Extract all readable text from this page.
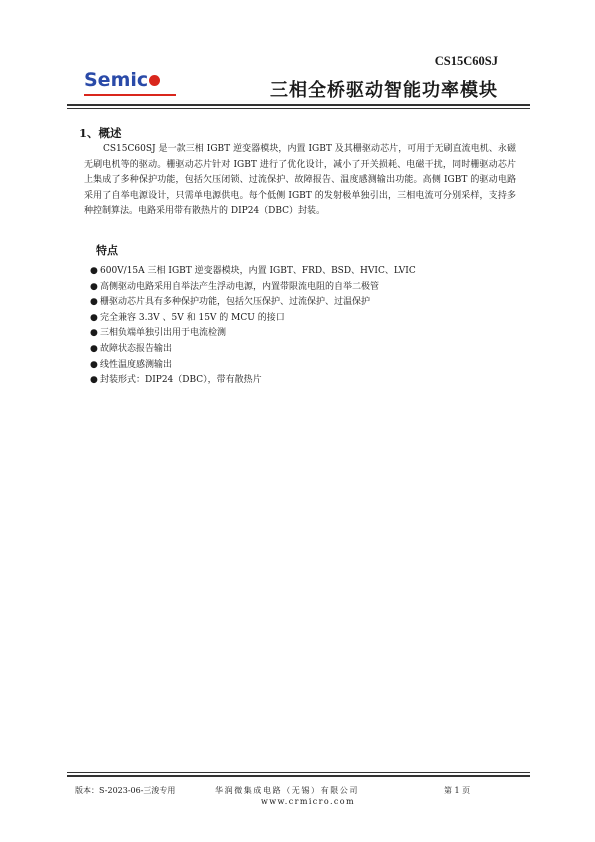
Semic
CS15C60SJ
三相全桥驱动智能功率模块
1、概述

CS15C60SJ 是一款三相 IGBT 逆变器模块，内置 IGBT 及其栅驱动芯片，可用于无刷直流电机、永磁无刷电机等的驱动。栅驱动芯片针对 IGBT 进行了优化设计，减小了开关损耗、电磁干扰，同时栅驱动芯片上集成了多种保护功能，包括欠压闭锁、过流保护、故障报告、温度感测输出功能。高侧 IGBT 的驱动电路采用了自举电源设计，只需单电源供电。每个低侧 IGBT 的发射极单独引出，三相电流可分别采样，支持多种控制算法。电路采用带有散热片的 DIP24（DBC）封装。

特点
● 600V/15A 三相 IGBT 逆变器模块，内置 IGBT、FRD、BSD、HVIC、LVIC
● 高侧驱动电路采用自举法产生浮动电源，内置带限流电阻的自举二极管
● 栅驱动芯片具有多种保护功能，包括欠压保护、过流保护、过温保护
● 完全兼容 3.3V 、5V 和 15V 的 MCU 的接口
● 三相负端单独引出用于电流检测
● 故障状态报告输出
● 线性温度感测输出
● 封装形式：DIP24（DBC），带有散热片
版本：S-2023-06-三浚专用	华润微集成电路（无锡）有限公司	第 1 页
www.crmicro.com
